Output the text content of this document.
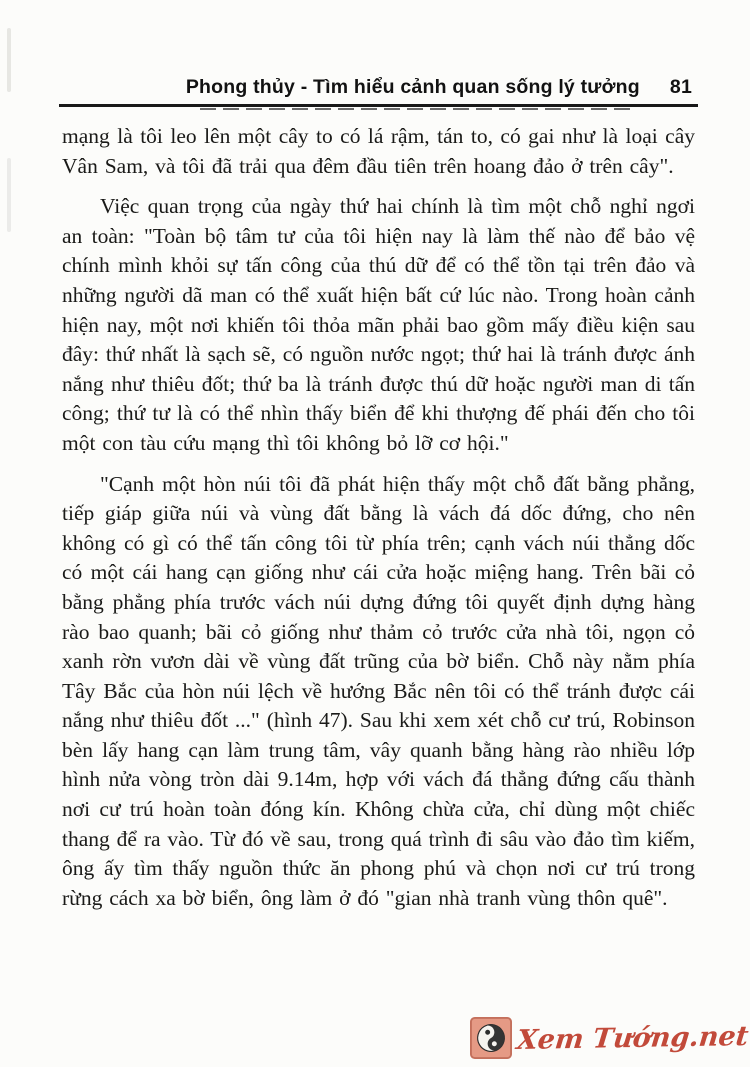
Phong thủy - Tìm hiểu cảnh quan sống lý tưởng 81

mạng là tôi leo lên một cây to có lá rậm, tán to, có gai như là loại cây Vân Sam, và tôi đã trải qua đêm đầu tiên trên hoang đảo ở trên cây".

Việc quan trọng của ngày thứ hai chính là tìm một chỗ nghỉ ngơi an toàn: "Toàn bộ tâm tư của tôi hiện nay là làm thế nào để bảo vệ chính mình khỏi sự tấn công của thú dữ để có thể tồn tại trên đảo và những người dã man có thể xuất hiện bất cứ lúc nào. Trong hoàn cảnh hiện nay, một nơi khiến tôi thỏa mãn phải bao gồm mấy điều kiện sau đây: thứ nhất là sạch sẽ, có nguồn nước ngọt; thứ hai là tránh được ánh nắng như thiêu đốt; thứ ba là tránh được thú dữ hoặc người man di tấn công; thứ tư là có thể nhìn thấy biển để khi thượng đế phái đến cho tôi một con tàu cứu mạng thì tôi không bỏ lỡ cơ hội."

"Cạnh một hòn núi tôi đã phát hiện thấy một chỗ đất bằng phẳng, tiếp giáp giữa núi và vùng đất bằng là vách đá dốc đứng, cho nên không có gì có thể tấn công tôi từ phía trên; cạnh vách núi thẳng dốc có một cái hang cạn giống như cái cửa hoặc miệng hang. Trên bãi cỏ bằng phẳng phía trước vách núi dựng đứng tôi quyết định dựng hàng rào bao quanh; bãi cỏ giống như thảm cỏ trước cửa nhà tôi, ngọn cỏ xanh rờn vươn dài về vùng đất trũng của bờ biển. Chỗ này nằm phía Tây Bắc của hòn núi lệch về hướng Bắc nên tôi có thể tránh được cái nắng như thiêu đốt ..." (hình 47). Sau khi xem xét chỗ cư trú, Robinson bèn lấy hang cạn làm trung tâm, vây quanh bằng hàng rào nhiều lớp hình nửa vòng tròn dài 9.14m, hợp với vách đá thẳng đứng cấu thành nơi cư trú hoàn toàn đóng kín. Không chừa cửa, chỉ dùng một chiếc thang để ra vào. Từ đó về sau, trong quá trình đi sâu vào đảo tìm kiếm, ông ấy tìm thấy nguồn thức ăn phong phú và chọn nơi cư trú trong rừng cách xa bờ biển, ông làm ở đó "gian nhà tranh vùng thôn quê".

Xem Tướng.net
